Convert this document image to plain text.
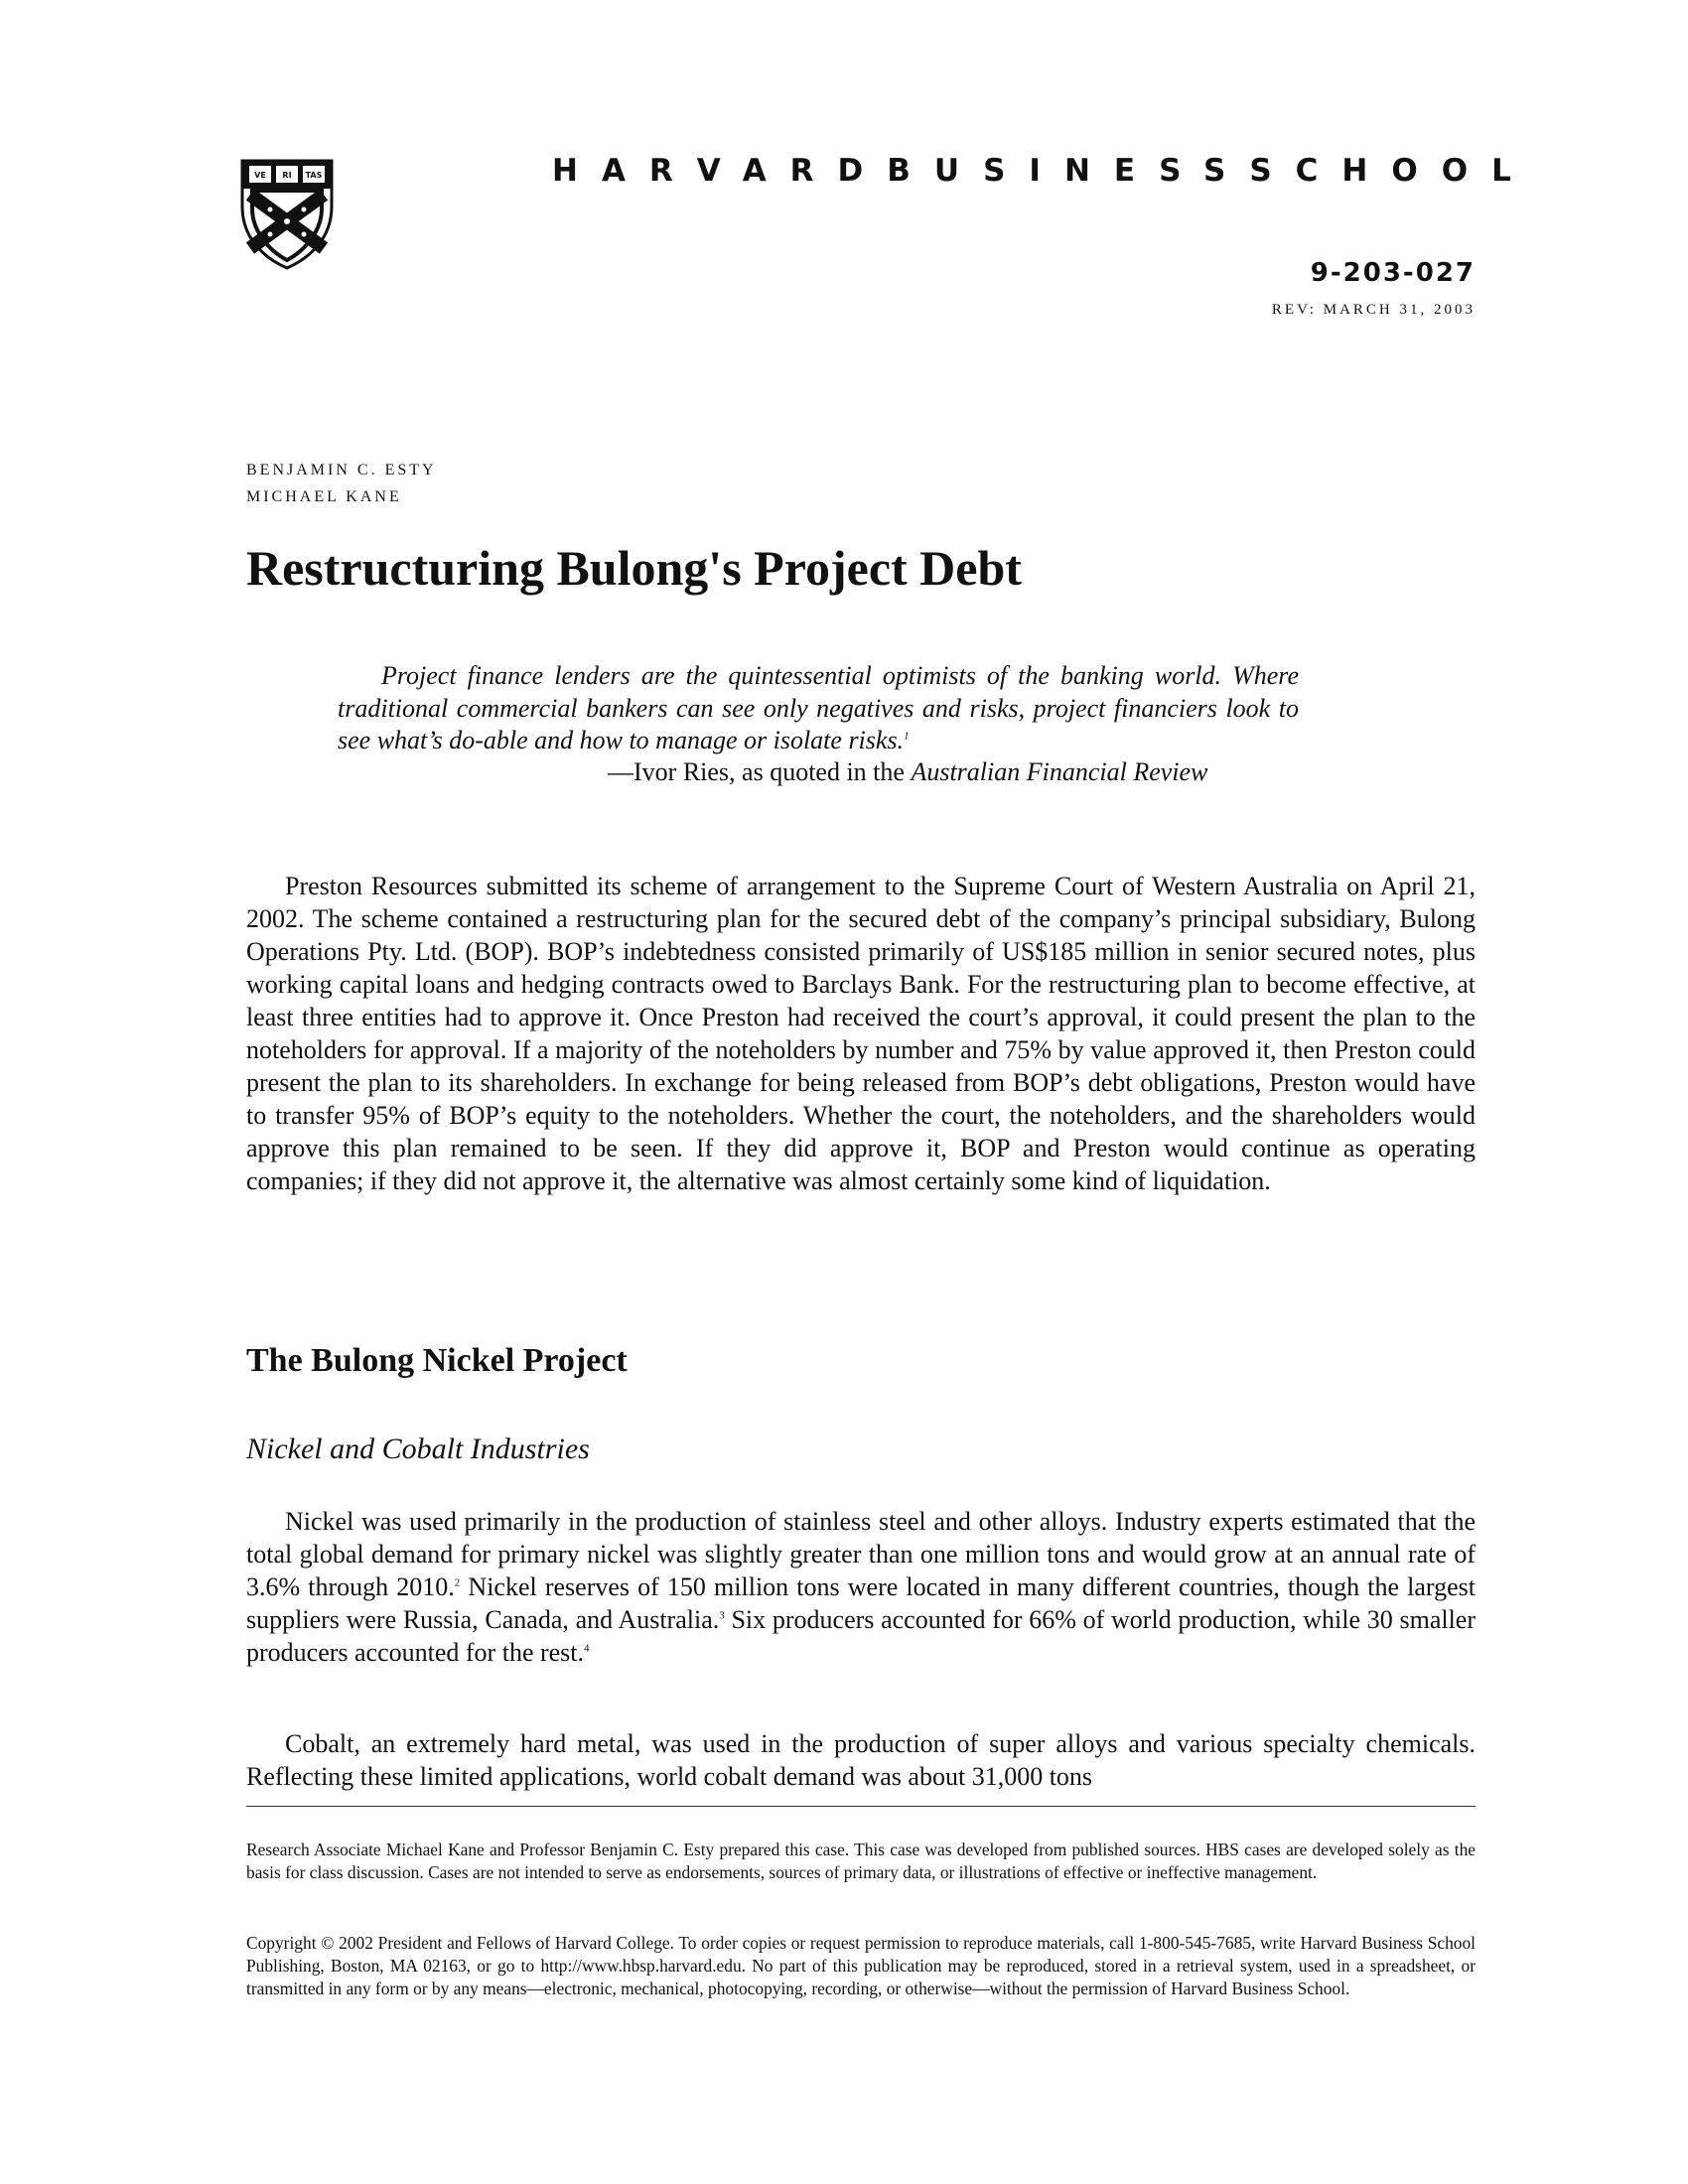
VE RI TAS	HARVARD BUSINESS SCHOOL
9-203-027
REV: MARCH 31, 2003
BENJAMIN C. ESTY
MICHAEL KANE
Restructuring Bulong's Project Debt

Project finance lenders are the quintessential optimists of the banking world. Where traditional commercial bankers can see only negatives and risks, project financiers look to see what’s do-able and how to manage or isolate risks.$^1$

—Ivor Ries, as quoted in the Australian Financial Review

Preston Resources submitted its scheme of arrangement to the Supreme Court of Western Australia on April 21, 2002. The scheme contained a restructuring plan for the secured debt of the company’s principal subsidiary, Bulong Operations Pty. Ltd. (BOP). BOP’s indebtedness consisted primarily of US$185 million in senior secured notes, plus working capital loans and hedging contracts owed to Barclays Bank. For the restructuring plan to become effective, at least three entities had to approve it. Once Preston had received the court’s approval, it could present the plan to the noteholders for approval. If a majority of the noteholders by number and 75% by value approved it, then Preston could present the plan to its shareholders. In exchange for being released from BOP’s debt obligations, Preston would have to transfer 95% of BOP’s equity to the noteholders. Whether the court, the noteholders, and the shareholders would approve this plan remained to be seen. If they did approve it, BOP and Preston would continue as operating companies; if they did not approve it, the alternative was almost certainly some kind of liquidation.

The Bulong Nickel Project
Nickel and Cobalt Industries

Nickel was used primarily in the production of stainless steel and other alloys. Industry experts estimated that the total global demand for primary nickel was slightly greater than one million tons and would grow at an annual rate of 3.6% through 2010.$^2$ Nickel reserves of 150 million tons were located in many different countries, though the largest suppliers were Russia, Canada, and Australia.$^3$ Six producers accounted for 66% of world production, while 30 smaller producers accounted for the rest.$^4$

Cobalt, an extremely hard metal, was used in the production of super alloys and various specialty chemicals. Reflecting these limited applications, world cobalt demand was about 31,000 tons

Research Associate Michael Kane and Professor Benjamin C. Esty prepared this case. This case was developed from published sources. HBS cases are developed solely as the basis for class discussion. Cases are not intended to serve as endorsements, sources of primary data, or illustrations of effective or ineffective management.

Copyright © 2002 President and Fellows of Harvard College. To order copies or request permission to reproduce materials, call 1-800-545-7685, write Harvard Business School Publishing, Boston, MA 02163, or go to http://www.hbsp.harvard.edu. No part of this publication may be reproduced, stored in a retrieval system, used in a spreadsheet, or transmitted in any form or by any means—electronic, mechanical, photocopying, recording, or otherwise—without the permission of Harvard Business School.
